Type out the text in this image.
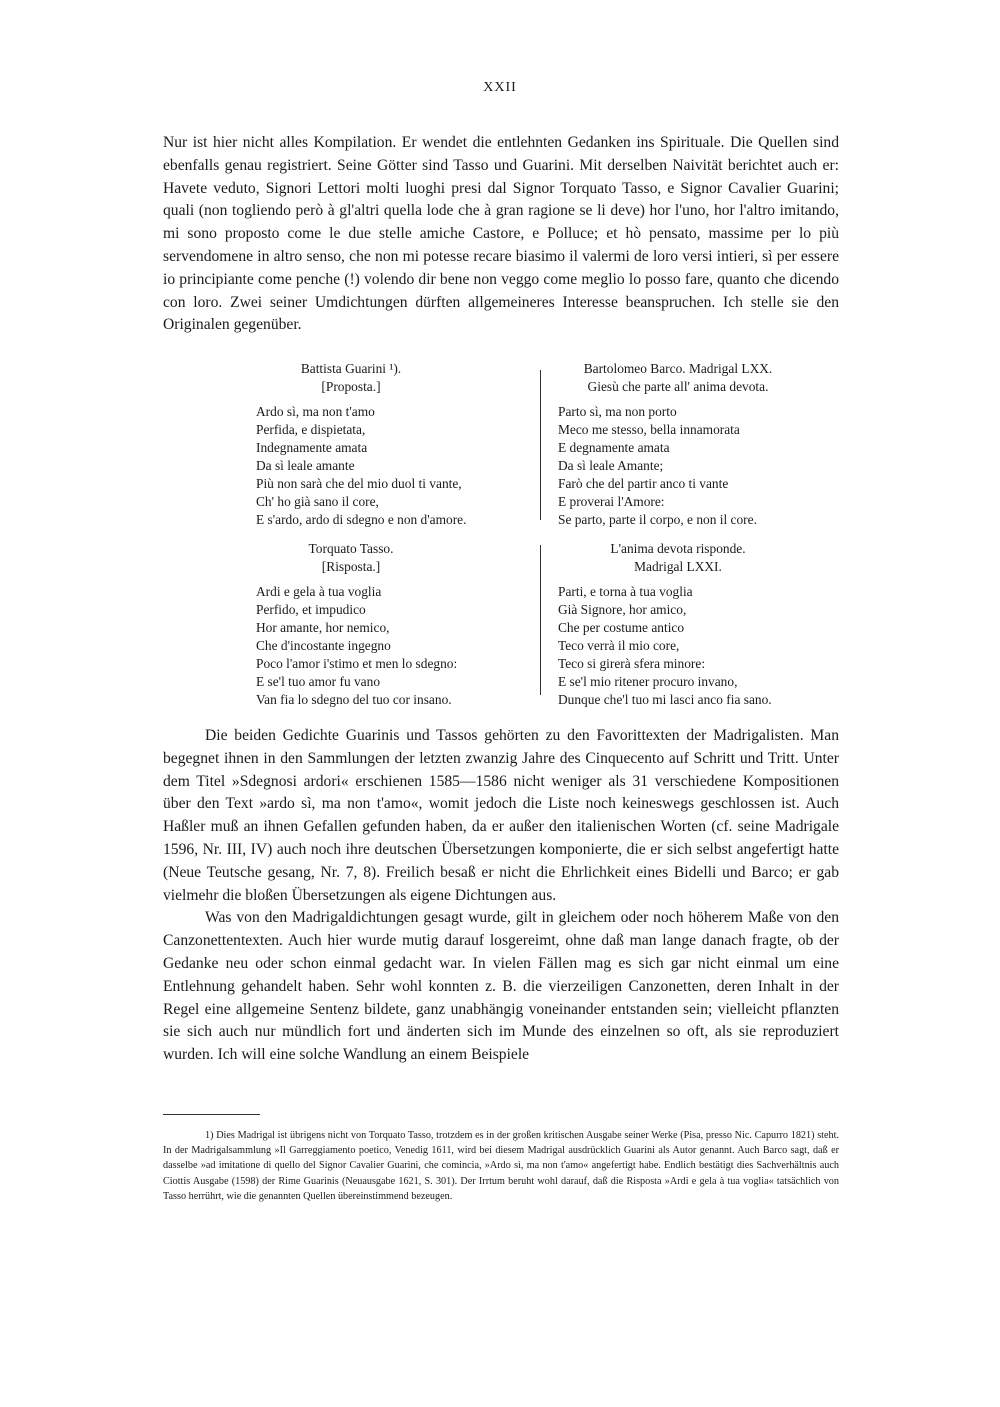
XXII

Nur ist hier nicht alles Kompilation. Er wendet die entlehnten Gedanken ins Spirituale. Die Quellen sind ebenfalls genau registriert. Seine Götter sind Tasso und Guarini. Mit derselben Naivität berichtet auch er: Havete veduto, Signori Lettori molti luoghi presi dal Signor Torquato Tasso, e Signor Cavalier Guarini; quali (non togliendo però à gl'altri quella lode che à gran ragione se li deve) hor l'uno, hor l'altro imitando, mi sono proposto come le due stelle amiche Castore, e Polluce; et hò pensato, massime per lo più servendomene in altro senso, che non mi potesse recare biasimo il valermi de loro versi intieri, sì per essere io principiante come penche (!) volendo dir bene non veggo come meglio lo posso fare, quanto che dicendo con loro. Zwei seiner Umdichtungen dürften allgemeineres Interesse beanspruchen. Ich stelle sie den Originalen gegenüber.

Battista Guarini ¹).
[Proposta.]
Ardo sì, ma non t'amo
Perfida, e dispietata,
Indegnamente amata
Da sì leale amante
Più non sarà che del mio duol ti vante,
Ch' ho già sano il core,
E s'ardo, ardo di sdegno e non d'amore.
Bartolomeo Barco. Madrigal LXX.
Giesù che parte all' anima devota.
Parto sì, ma non porto
Meco me stesso, bella innamorata
E degnamente amata
Da sì leale Amante;
Farò che del partir anco ti vante
E proverai l'Amore:
Se parto, parte il corpo, e non il core.
Torquato Tasso.
[Risposta.]
Ardi e gela à tua voglia
Perfido, et impudico
Hor amante, hor nemico,
Che d'incostante ingegno
Poco l'amor i'stimo et men lo sdegno:
E se'l tuo amor fu vano
Van fia lo sdegno del tuo cor insano.
L'anima devota risponde.
Madrigal LXXI.
Parti, e torna à tua voglia
Già Signore, hor amico,
Che per costume antico
Teco verrà il mio core,
Teco si girerà sfera minore:
E se'l mio ritener procuro invano,
Dunque che'l tuo mi lasci anco fia sano.

Die beiden Gedichte Guarinis und Tassos gehörten zu den Favorittexten der Madrigalisten. Man begegnet ihnen in den Sammlungen der letzten zwanzig Jahre des Cinquecento auf Schritt und Tritt. Unter dem Titel »Sdegnosi ardori« erschienen 1585—1586 nicht weniger als 31 verschiedene Kompositionen über den Text »ardo sì, ma non t'amo«, womit jedoch die Liste noch keineswegs geschlossen ist. Auch Haßler muß an ihnen Gefallen gefunden haben, da er außer den italienischen Worten (cf. seine Madrigale 1596, Nr. III, IV) auch noch ihre deutschen Übersetzungen komponierte, die er sich selbst angefertigt hatte (Neue Teutsche gesang, Nr. 7, 8). Freilich besaß er nicht die Ehrlichkeit eines Bidelli und Barco; er gab vielmehr die bloßen Übersetzungen als eigene Dichtungen aus.

Was von den Madrigaldichtungen gesagt wurde, gilt in gleichem oder noch höherem Maße von den Canzonettentexten. Auch hier wurde mutig darauf losgereimt, ohne daß man lange danach fragte, ob der Gedanke neu oder schon einmal gedacht war. In vielen Fällen mag es sich gar nicht einmal um eine Entlehnung gehandelt haben. Sehr wohl konnten z. B. die vierzeiligen Canzonetten, deren Inhalt in der Regel eine allgemeine Sentenz bildete, ganz unabhängig voneinander entstanden sein; vielleicht pflanzten sie sich auch nur mündlich fort und änderten sich im Munde des einzelnen so oft, als sie reproduziert wurden. Ich will eine solche Wandlung an einem Beispiele

1) Dies Madrigal ist übrigens nicht von Torquato Tasso, trotzdem es in der großen kritischen Ausgabe seiner Werke (Pisa, presso Nic. Capurro 1821) steht. In der Madrigalsammlung »Il Garreggiamento poetico, Venedig 1611, wird bei diesem Madrigal ausdrücklich Guarini als Autor genannt. Auch Barco sagt, daß er dasselbe »ad imitatione di quello del Signor Cavalier Guarini, che comincia, »Ardo sì, ma non t'amo« angefertigt habe. Endlich bestätigt dies Sachverhältnis auch Ciottis Ausgabe (1598) der Rime Guarinis (Neuausgabe 1621, S. 301). Der Irrtum beruht wohl darauf, daß die Risposta »Ardi e gela à tua voglia« tatsächlich von Tasso herrührt, wie die genannten Quellen übereinstimmend bezeugen.
